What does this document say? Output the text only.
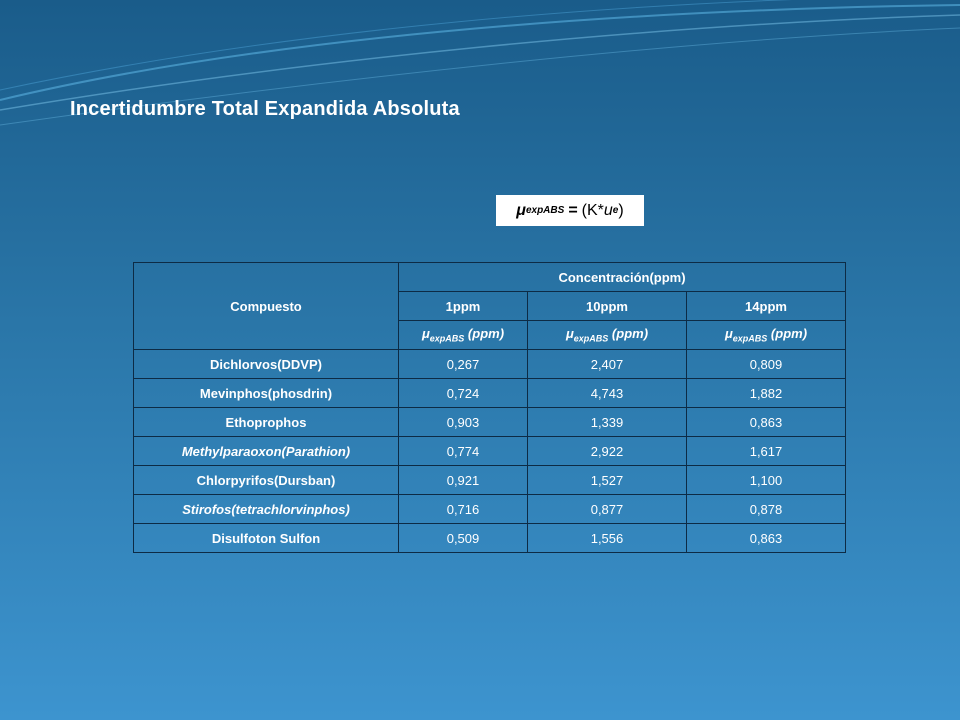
Incertidumbre Total Expandida Absoluta
μ expABS = (K* u e )
Compuesto	Concentración(ppm)		
	1ppm	10ppm	14ppm
	$\mu_{expABS}$ (ppm)	$\mu_{expABS}$ (ppm)	$\mu_{expABS}$ (ppm)
Dichlorvos(DDVP)	0,267	2,407	0,809
Mevinphos(phosdrin)	0,724	4,743	1,882
Ethoprophos	0,903	1,339	0,863
Methylparaoxon(Parathion)	0,774	2,922	1,617
Chlorpyrifos(Dursban)	0,921	1,527	1,100
Stirofos(tetrachlorvinphos)	0,716	0,877	0,878
Disulfoton Sulfon	0,509	1,556	0,863
